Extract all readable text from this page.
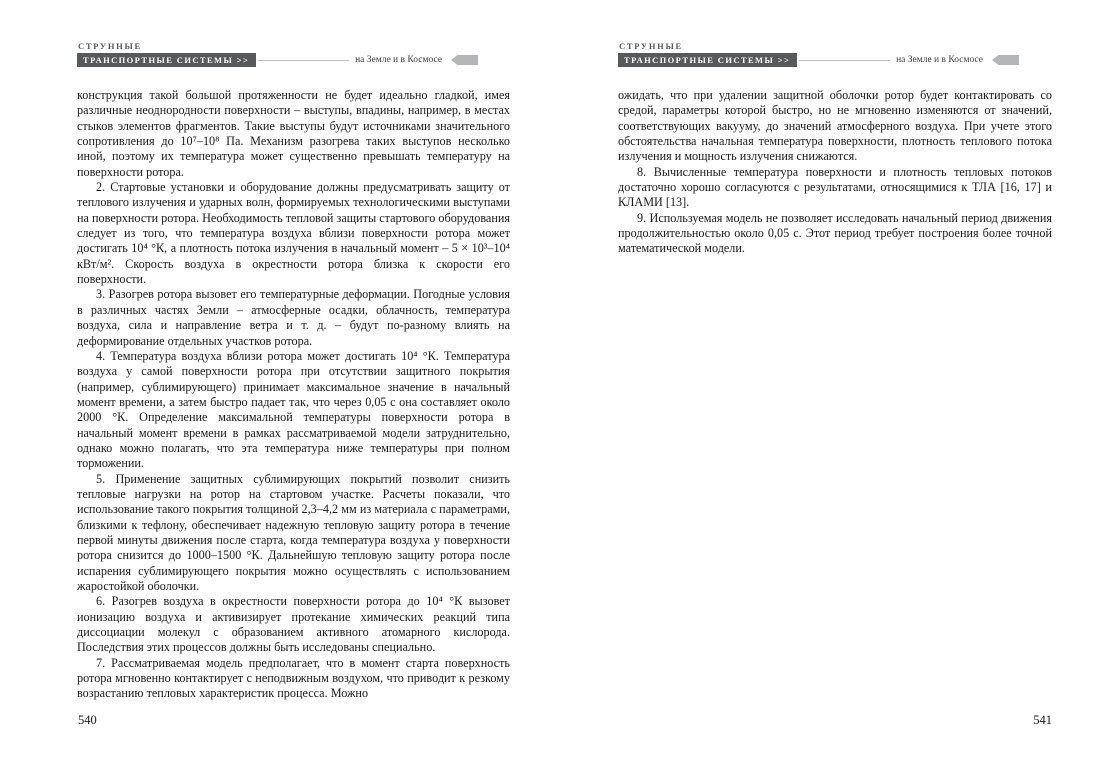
СТРУННЫЕ
ТРАНСПОРТНЫЕ СИСТЕМЫ >>	на Земле и в Космосе

конструкция такой большой протяженности не будет идеально гладкой, имея различные неоднородности поверхности – выступы, впадины, например, в местах стыков элементов фрагментов. Такие выступы будут источниками значительного сопротивления до 10⁷–10⁸ Па. Механизм разогрева таких выступов несколько иной, поэтому их температура может существенно превышать температуру на поверхности ротора.

2. Стартовые установки и оборудование должны предусматривать защиту от теплового излучения и ударных волн, формируемых технологическими выступами на поверхности ротора. Необходимость тепловой защиты стартового оборудования следует из того, что температура воздуха вблизи поверхности ротора может достигать 10⁴ °К, а плотность потока излучения в начальный момент – 5 × 10³–10⁴ кВт/м². Скорость воздуха в окрестности ротора близка к скорости его поверхности.

3. Разогрев ротора вызовет его температурные деформации. Погодные условия в различных частях Земли – атмосферные осадки, облачность, температура воздуха, сила и направление ветра и т. д. – будут по-разному влиять на деформирование отдельных участков ротора.

4. Температура воздуха вблизи ротора может достигать 10⁴ °К. Температура воздуха у самой поверхности ротора при отсутствии защитного покрытия (например, сублимирующего) принимает максимальное значение в начальный момент времени, а затем быстро падает так, что через 0,05 с она составляет около 2000 °К. Определение максимальной температуры поверхности ротора в начальный момент времени в рамках рассматриваемой модели затруднительно, однако можно полагать, что эта температура ниже температуры при полном торможении.

5. Применение защитных сублимирующих покрытий позволит снизить тепловые нагрузки на ротор на стартовом участке. Расчеты показали, что использование такого покрытия толщиной 2,3–4,2 мм из материала с параметрами, близкими к тефлону, обеспечивает надежную тепловую защиту ротора в течение первой минуты движения после старта, когда температура воздуха у поверхности ротора снизится до 1000–1500 °К. Дальнейшую тепловую защиту ротора после испарения сублимирующего покрытия можно осуществлять с использованием жаростойкой оболочки.

6. Разогрев воздуха в окрестности поверхности ротора до 10⁴ °К вызовет ионизацию воздуха и активизирует протекание химических реакций типа диссоциации молекул с образованием активного атомарного кислорода. Последствия этих процессов должны быть исследованы специально.

7. Рассматриваемая модель предполагает, что в момент старта поверхность ротора мгновенно контактирует с неподвижным воздухом, что приводит к резкому возрастанию тепловых характеристик процесса. Можно

540
СТРУННЫЕ
ТРАНСПОРТНЫЕ СИСТЕМЫ >>	на Земле и в Космосе

ожидать, что при удалении защитной оболочки ротор будет контактировать со средой, параметры которой быстро, но не мгновенно изменяются от значений, соответствующих вакууму, до значений атмосферного воздуха. При учете этого обстоятельства начальная температура поверхности, плотность теплового потока излучения и мощность излучения снижаются.

8. Вычисленные температура поверхности и плотность тепловых потоков достаточно хорошо согласуются с результатами, относящимися к ТЛА [16, 17] и КЛАМИ [13].

9. Используемая модель не позволяет исследовать начальный период движения продолжительностью около 0,05 с. Этот период требует построения более точной математической модели.

541
